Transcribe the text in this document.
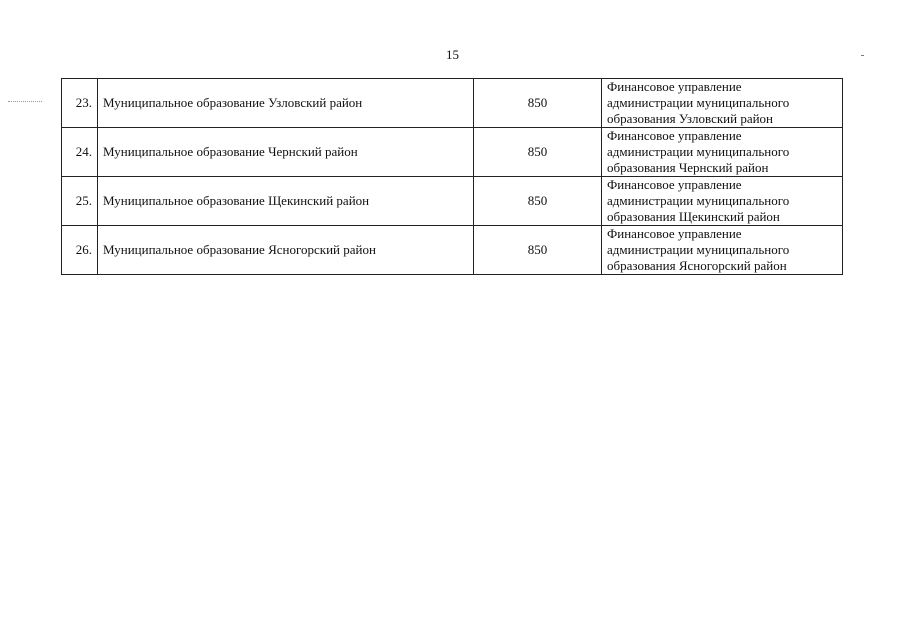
15
23.	Муниципальное образование Узловский район	850	Финансовое управление
администрации муниципального
образования Узловский район

24.	Муниципальное образование Чернский район	850	Финансовое управление
администрации муниципального
образования Чернский район

25.	Муниципальное образование Щекинский район	850	Финансовое управление
администрации муниципального
образования Щекинский район

26.	Муниципальное образование Ясногорский район	850	Финансовое управление
администрации муниципального
образования Ясногорский район
